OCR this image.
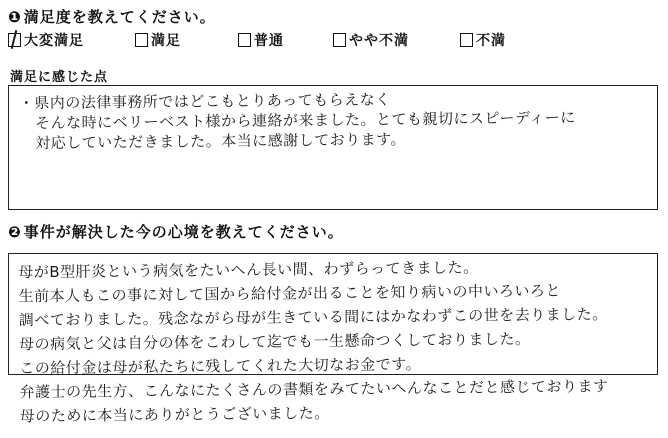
❶ 満足度を教えてください。
大変満足	満足	普通	やや不満	不満
満足に感じた点
・県内の法律事務所ではどこもとりあってもらえなく
そんな時にベリーベスト様から連絡が来ました。とても親切にスピーディーに
対応していただきました。本当に感謝しております。
❷ 事件が解決した今の心境を教えてください。
母がB型肝炎という病気をたいへん長い間、わずらってきました。
生前本人もこの事に対して国から給付金が出ることを知り病いの中いろいろと
調べておりました。残念ながら母が生きている間にはかなわずこの世を去りました。
母の病気と父は自分の体をこわして迄でも一生懸命つくしておりました。
この給付金は母が私たちに残してくれた大切なお金です。
弁護士の先生方、こんなにたくさんの書類をみてたいへんなことだと感じております
母のために本当にありがとうございました。
